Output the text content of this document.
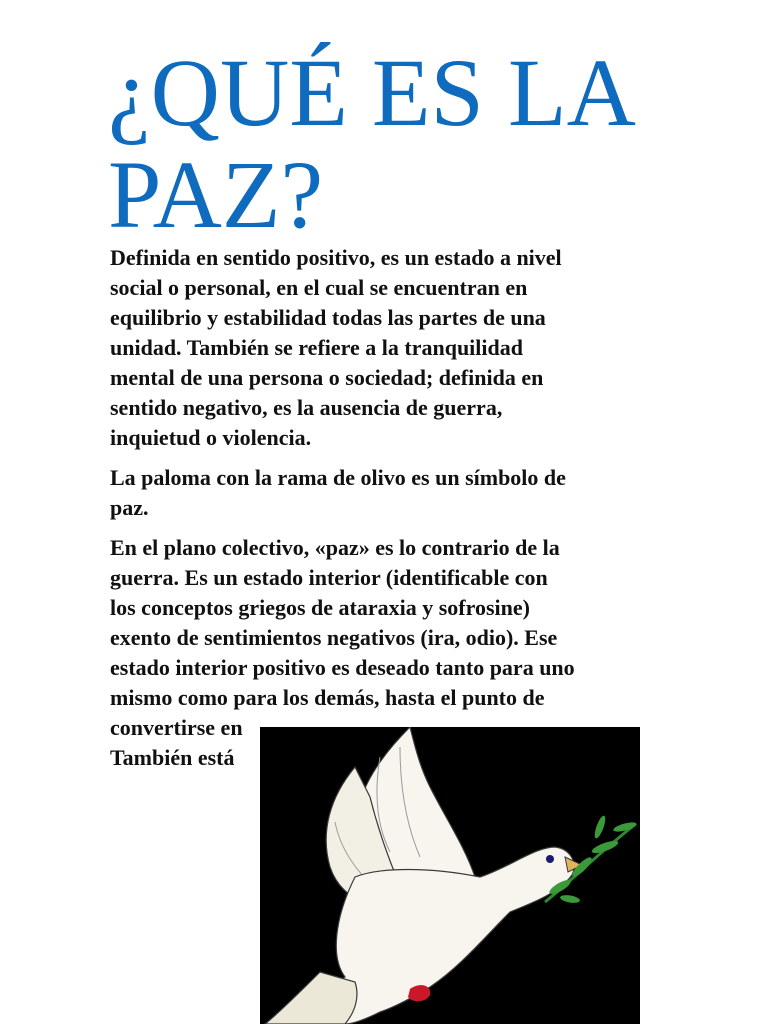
¿QUÉ ES LA PAZ?

Definida en sentido positivo, es un estado a nivel
social o personal, en el cual se encuentran en
equilibrio y estabilidad todas las partes de una
unidad. También se refiere a la tranquilidad
mental de una persona o sociedad; definida en
sentido negativo, es la ausencia de guerra,
inquietud o violencia.

La paloma con la rama de olivo es un símbolo de
paz.

En el plano colectivo, «paz» es lo contrario de la
guerra. Es un estado interior (identificable con
los conceptos griegos de ataraxia y sofrosine)
exento de sentimientos negativos (ira, odio). Ese
estado interior positivo es deseado tanto para uno
mismo como para los demás, hasta el punto de
convertirse en
También está
